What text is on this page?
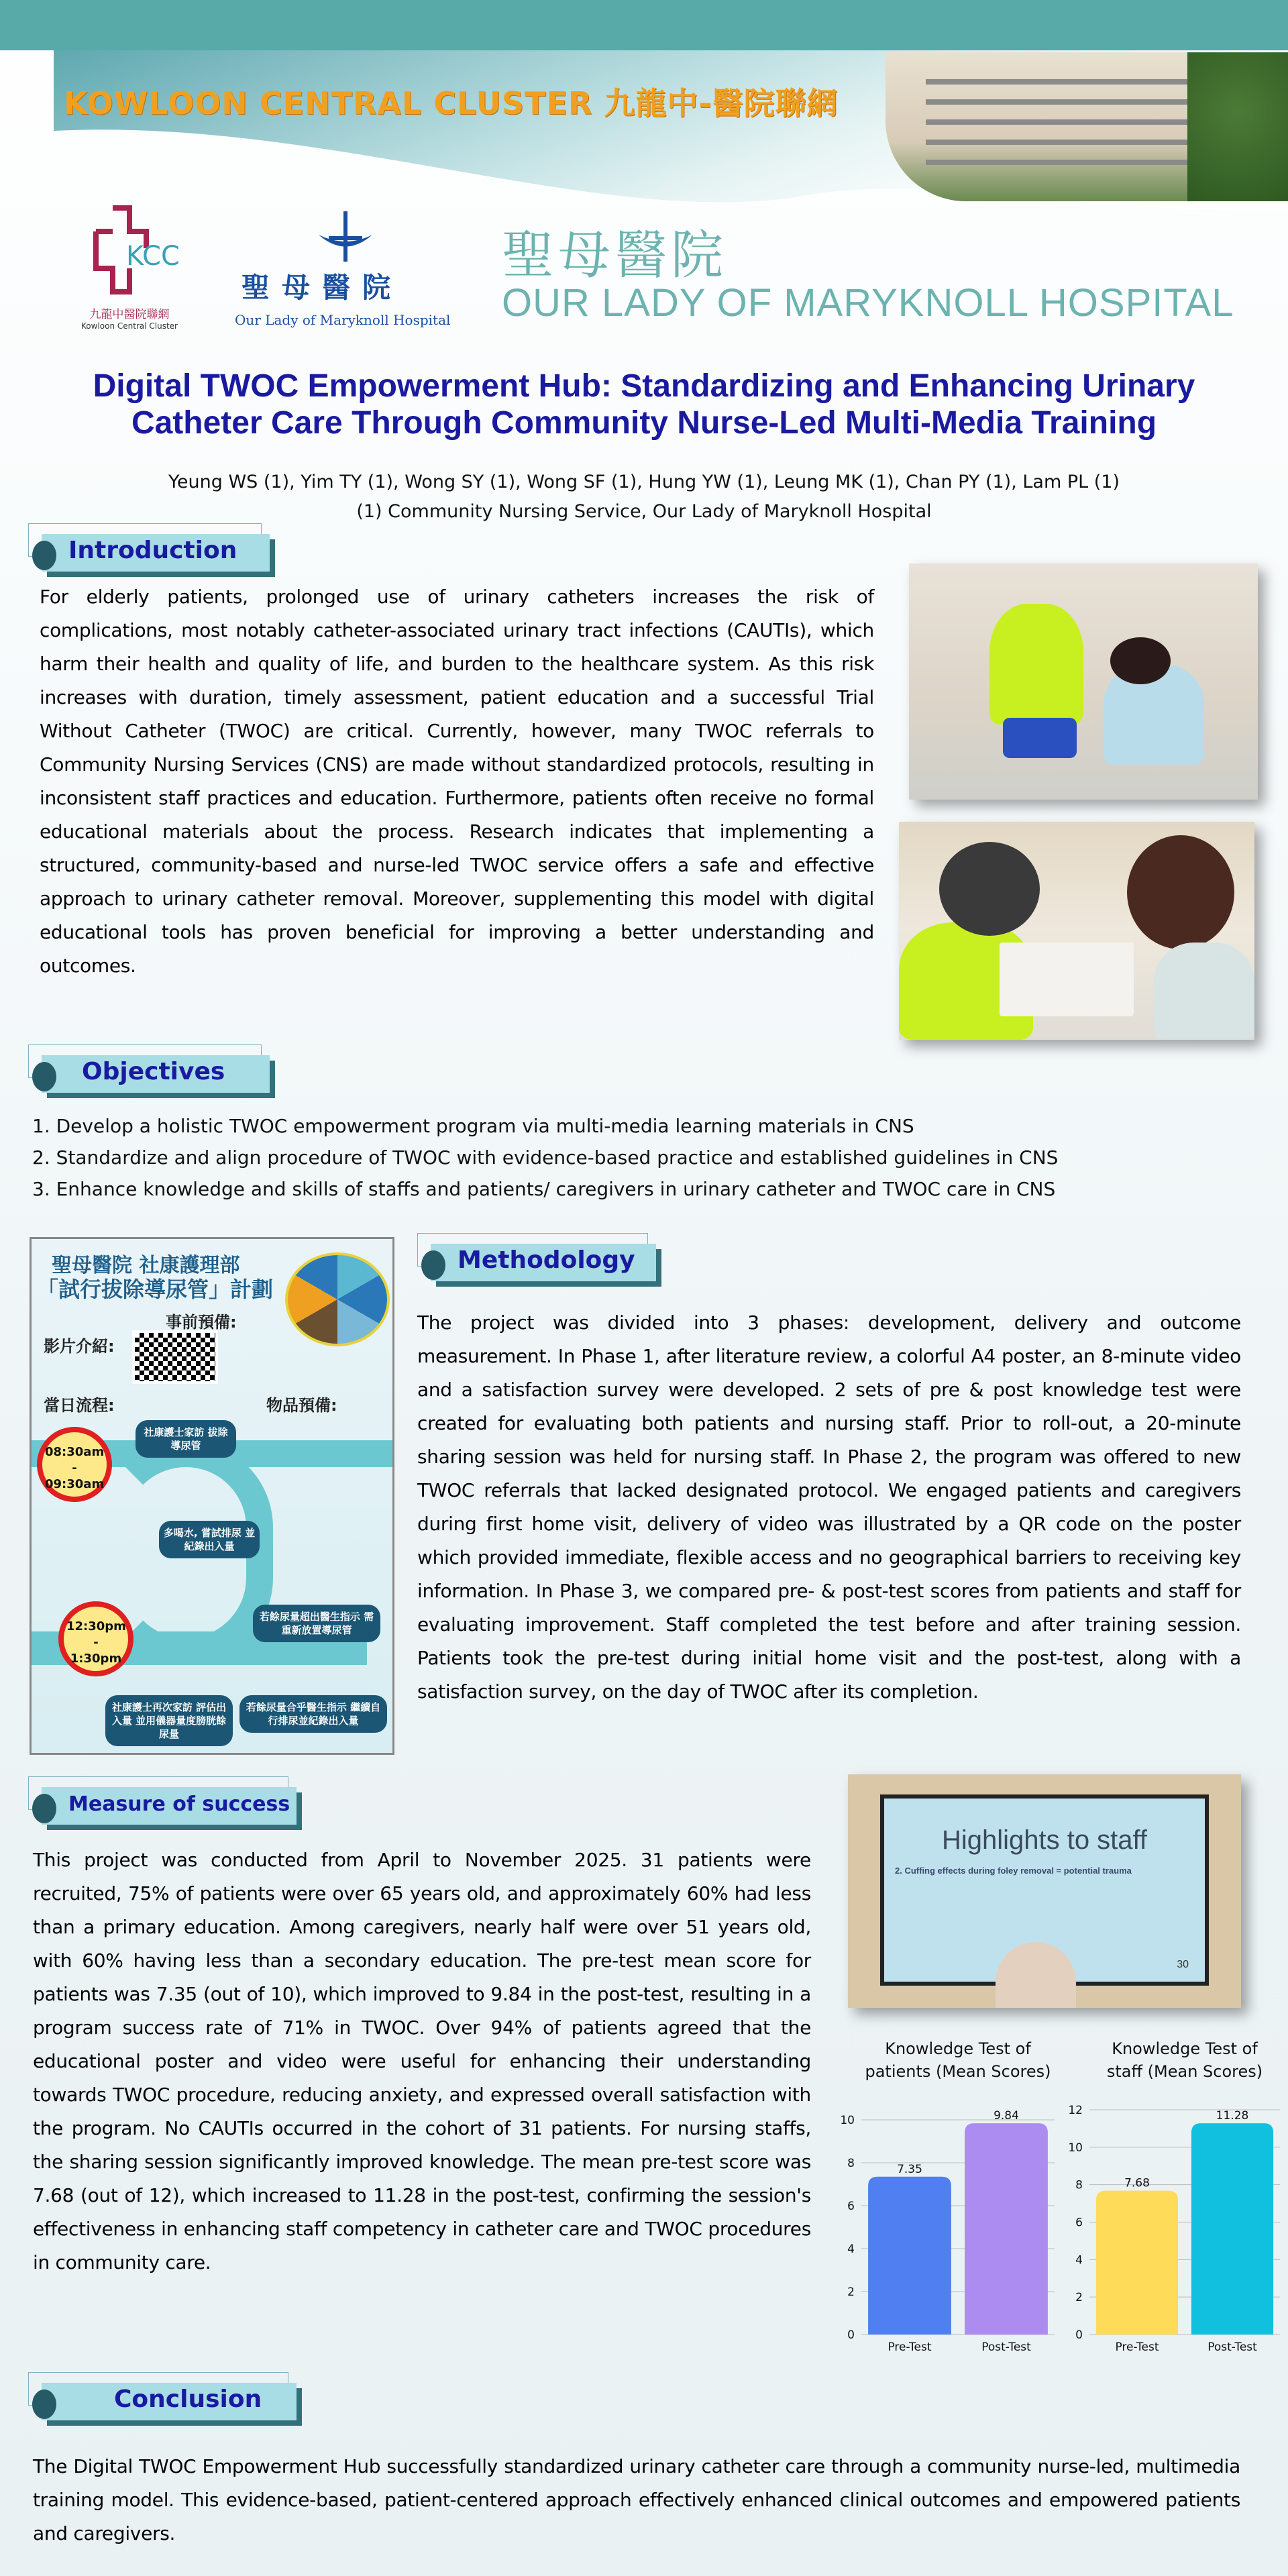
KOWLOON CENTRAL CLUSTER 九龍中-醫院聯網
KCC
九龍中醫院聯網
Kowloon Central Cluster
聖母醫院
Our Lady of Maryknoll Hospital
聖母醫院
OUR LADY OF MARYKNOLL HOSPITAL
Digital TWOC Empowerment Hub: Standardizing and Enhancing Urinary
Catheter Care Through Community Nurse-Led Multi-Media Training
Yeung WS (1), Yim TY (1), Wong SY (1), Wong SF (1), Hung YW (1), Leung MK (1), Chan PY (1), Lam PL (1)
(1) Community Nursing Service, Our Lady of Maryknoll Hospital
Introduction
For elderly patients, prolonged use of urinary catheters increases the risk of complications, most notably catheter-associated urinary tract infections (CAUTIs), which harm their health and quality of life, and burden to the healthcare system. As this risk increases with duration, timely assessment, patient education and a successful Trial Without Catheter (TWOC) are critical. Currently, however, many TWOC referrals to Community Nursing Services (CNS) are made without standardized protocols, resulting in inconsistent staff practices and education. Furthermore, patients often receive no formal educational materials about the process. Research indicates that implementing a structured, community-based and nurse-led TWOC service offers a safe and effective approach to urinary catheter removal. Moreover, supplementing this model with digital educational tools has proven beneficial for improving a better understanding and outcomes.
Objectives
1. Develop a holistic TWOC empowerment program via multi-media learning materials in CNS
2. Standardize and align procedure of TWOC with evidence-based practice and established guidelines in CNS
3. Enhance knowledge and skills of staffs and patients/ caregivers in urinary catheter and TWOC care in CNS
聖母醫院 社康護理部
「試行拔除導尿管」計劃
事前預備:
影片介紹:
當日流程:	物品預備:
社康護士家訪 拔除導尿管
08:30am - 09:30am
多喝水, 嘗試排尿 並紀錄出入量
12:30pm - 1:30pm
若餘尿量超出醫生指示 需重新放置導尿管
社康護士再次家訪 評估出入量 並用儀器量度膀胱餘尿量
若餘尿量合乎醫生指示 繼續自行排尿並紀錄出入量
Methodology
The project was divided into 3 phases: development, delivery and outcome measurement. In Phase 1, after literature review, a colorful A4 poster, an 8-minute video and a satisfaction survey were developed. 2 sets of pre & post knowledge test were created for evaluating both patients and nursing staff. Prior to roll-out, a 20-minute sharing session was held for nursing staff. In Phase 2, the program was offered to new TWOC referrals that lacked designated protocol. We engaged patients and caregivers during first home visit, delivery of video was illustrated by a QR code on the poster which provided immediate, flexible access and no geographical barriers to receiving key information. In Phase 3, we compared pre- & post-test scores from patients and staff for evaluating improvement. Staff completed the test before and after training session. Patients took the pre-test during initial home visit and the post-test, along with a satisfaction survey, on the day of TWOC after its completion.
Measure of success
This project was conducted from April to November 2025. 31 patients were recruited, 75% of patients were over 65 years old, and approximately 60% had less than a primary education. Among caregivers, nearly half were over 51 years old, with 60% having less than a secondary education. The pre-test mean score for patients was 7.35 (out of 10), which improved to 9.84 in the post-test, resulting in a program success rate of 71% in TWOC. Over 94% of patients agreed that the educational poster and video were useful for enhancing their understanding towards TWOC procedure, reducing anxiety, and expressed overall satisfaction with the program. No CAUTIs occurred in the cohort of 31 patients. For nursing staffs, the sharing session significantly improved knowledge. The mean pre-test score was 7.68 (out of 12), which increased to 11.28 in the post-test, confirming the session's effectiveness in enhancing staff competency in catheter care and TWOC procedures in community care.
Highlights to staff
2. Cuffing effects during foley removal = potential trauma
30
Knowledge Test of
patients (Mean Scores)
0
2
4
6
8
10
7.35
Pre-Test
9.84
Post-Test
Knowledge Test of
staff (Mean Scores)
0
2
4
6
8
10
12
7.68
Pre-Test
11.28
Post-Test
Conclusion
The Digital TWOC Empowerment Hub successfully standardized urinary catheter care through a community nurse-led, multimedia training model. This evidence-based, patient-centered approach effectively enhanced clinical outcomes and empowered patients and caregivers.
